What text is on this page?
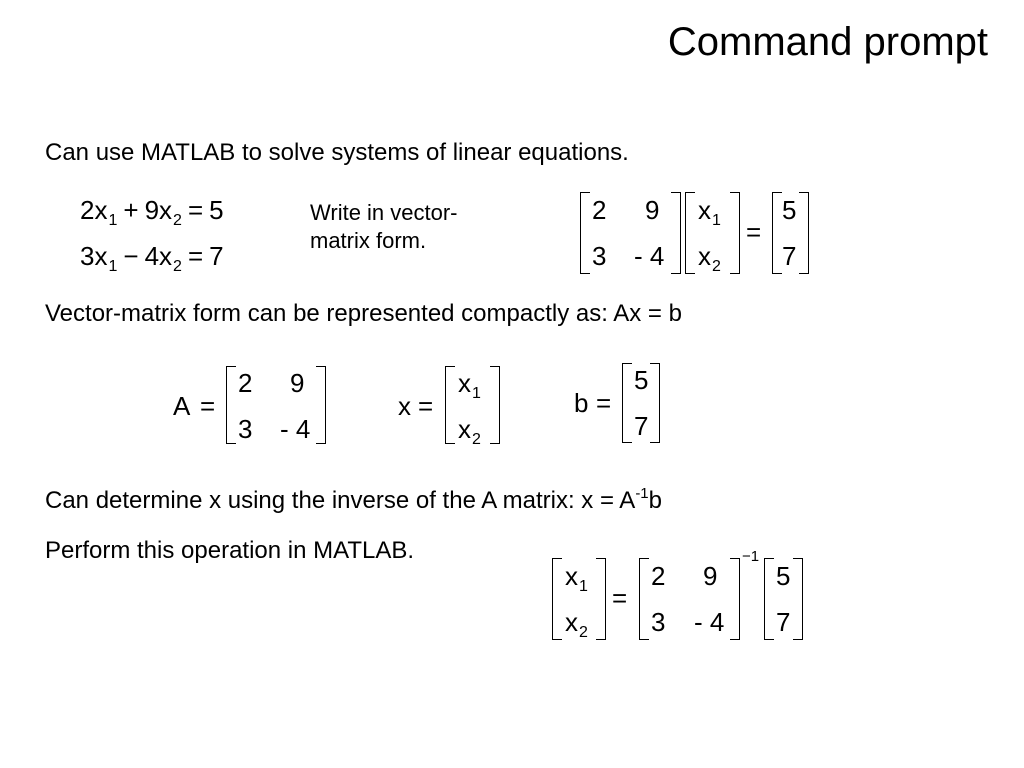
Command prompt
Can use MATLAB to solve systems of linear equations.
$2x_1 + 9x_2 = 5$
$3x_1 - 4x_2 = 7$
Write in vector-
matrix form.
2 9
3 - 4
$x_1$
$x_2$
=
5
7
Vector-matrix form can be represented compactly as: Ax = b
A =
2 9
3 - 4
x =
$x_1$
$x_2$
b =
5
7
Can determine x using the inverse of the A matrix: $x = A^{-1}b$
Perform this operation in MATLAB.
$x_1$
$x_2$
=
2 9
3 - 4
−1
5
7
